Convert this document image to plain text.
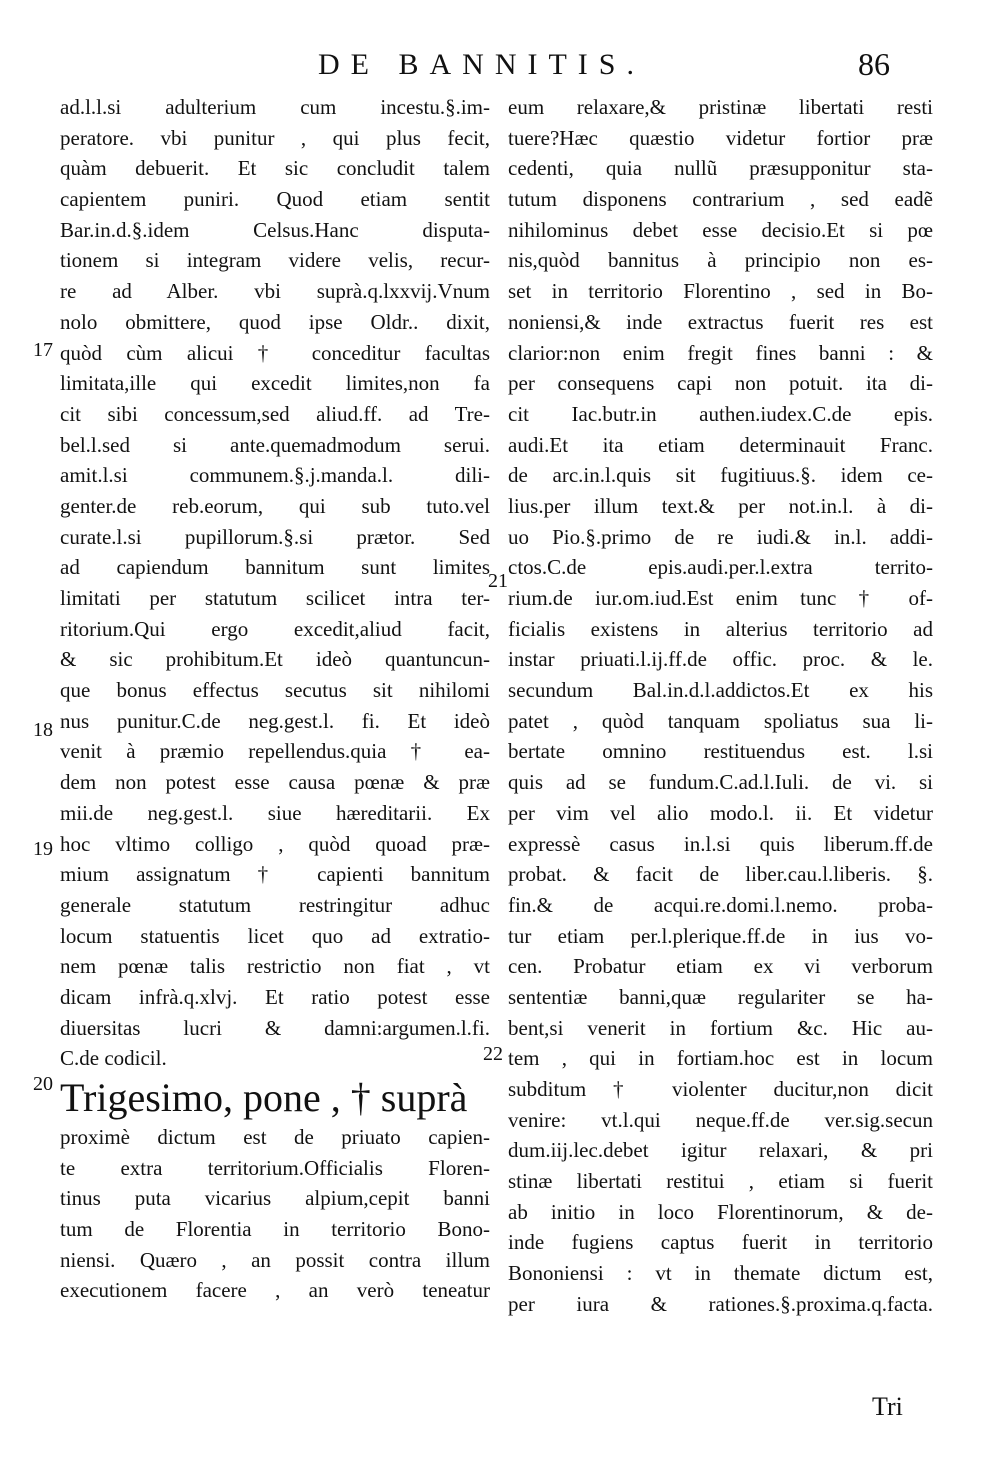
DE BANNITIS.	86
ad.l.l.si adulterium cum incestu.§.im-
peratore. vbi punitur , qui plus fecit,
quàm debuerit. Et sic concludit talem
capientem puniri. Quod etiam sentit
Bar.in.d.§.idem Celsus.Hanc disputa-
tionem si integram videre velis, recur-
re ad Alber. vbi suprà.q.lxxvij.Vnum
nolo obmittere, quod ipse Oldr.. dixit,
quòd cùm alicui † conceditur facultas
limitata,ille qui excedit limites,non fa
cit sibi concessum,sed aliud.ff. ad Tre-
bel.l.sed si ante.quemadmodum serui.
amit.l.si communem.§.j.manda.l. dili-
genter.de reb.eorum, qui sub tuto.vel
curate.l.si pupillorum.§.si prætor. Sed
ad capiendum bannitum sunt limites
limitati per statutum scilicet intra ter-
ritorium.Qui ergo excedit,aliud facit,
& sic prohibitum.Et ideò quantuncun-
que bonus effectus secutus sit nihilomi
nus punitur.C.de neg.gest.l. fi. Et ideò
venit à præmio repellendus.quia † ea-
dem non potest esse causa pœnæ & præ
mii.de neg.gest.l. siue hæreditarii. Ex
hoc vltimo colligo , quòd quoad præ-
mium assignatum † capienti bannitum
generale statutum restringitur adhuc
locum statuentis licet quo ad extratio-
nem pœnæ talis restrictio non fiat , vt
dicam infrà.q.xlvj. Et ratio potest esse
diuersitas lucri & damni:argumen.l.fi.
C.de codicil.
Trigesimo, pone , † suprà
proximè dictum est de priuato capien-
te extra territorium.Officialis Floren-
tinus puta vicarius alpium,cepit banni
tum de Florentia in territorio Bono-
niensi. Quæro , an possit contra illum
executionem facere , an verò teneatur
eum relaxare,& pristinæ libertati resti
tuere?Hæc quæstio videtur fortior præ
cedenti, quia nullũ præsupponitur sta-
tutum disponens contrarium , sed eadẽ
nihilominus debet esse decisio.Et si pœ
nis,quòd bannitus à principio non es-
set in territorio Florentino , sed in Bo-
noniensi,& inde extractus fuerit res est
clarior:non enim fregit fines banni : &
per consequens capi non potuit. ita di-
cit Iac.butr.in authen.iudex.C.de epis.
audi.Et ita etiam determinauit Franc.
de arc.in.l.quis sit fugitiuus.§. idem ce-
lius.per illum text.& per not.in.l. à di-
uo Pio.§.primo de re iudi.& in.l. addi-
ctos.C.de epis.audi.per.l.extra territo-
rium.de iur.om.iud.Est enim tunc † of-
ficialis existens in alterius territorio ad
instar priuati.l.ij.ff.de offic. proc. & le.
secundum Bal.in.d.l.addictos.Et ex his
patet , quòd tanquam spoliatus sua li-
bertate omnino restituendus est. l.si
quis ad se fundum.C.ad.l.Iuli. de vi. si
per vim vel alio modo.l. ii. Et videtur
expressè casus in.l.si quis liberum.ff.de
probat. & facit de liber.cau.l.liberis. §.
fin.& de acqui.re.domi.l.nemo. proba-
tur etiam per.l.plerique.ff.de in ius vo-
cen. Probatur etiam ex vi verborum
sententiæ banni,quæ regulariter se ha-
bent,si venerit in fortium &c. Hic au-
tem , qui in fortiam.hoc est in locum
subditum † violenter ducitur,non dicit
venire: vt.l.qui neque.ff.de ver.sig.secun
dum.iij.lec.debet igitur relaxari, & pri
stinæ libertati restitui , etiam si fuerit
ab initio in loco Florentinorum, & de-
inde fugiens captus fuerit in territorio
Bononiensi : vt in themate dictum est,
per iura & rationes.§.proxima.q.facta.
17
18
19
20
21
22
Tri
